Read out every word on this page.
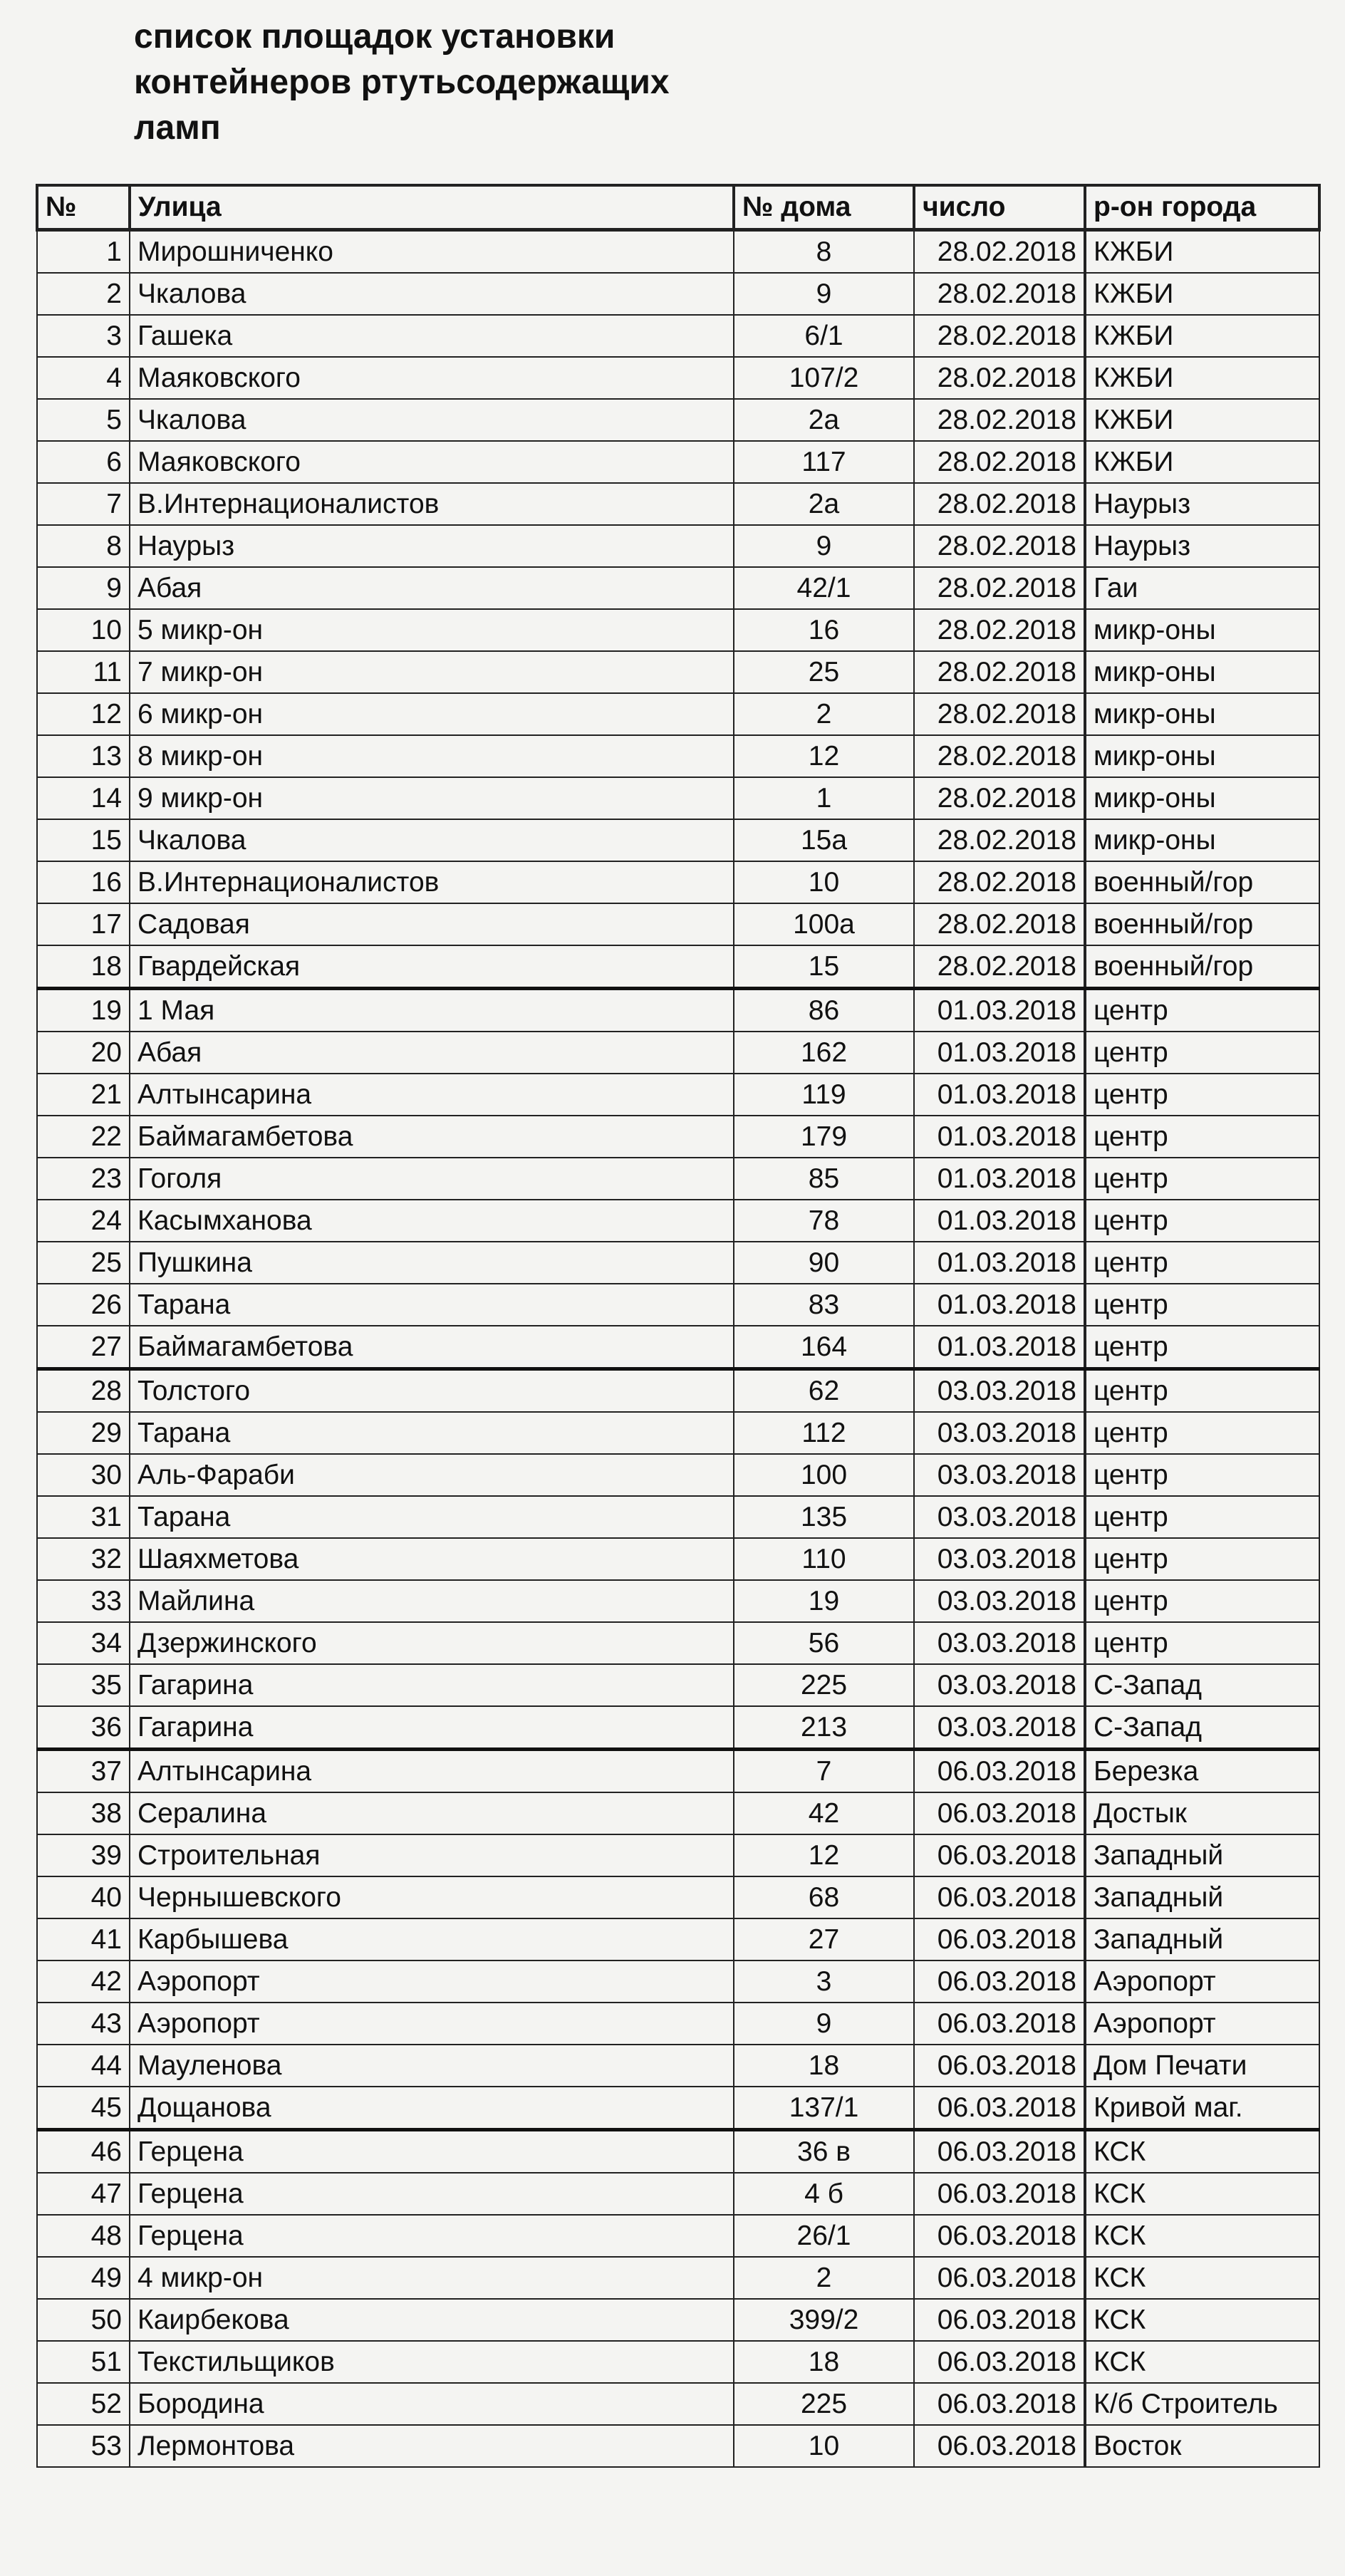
список площадок установки
контейнеров ртутьсодержащих
ламп
№	Улица	№ дома	число	р-он города
1	Мирошниченко	8	28.02.2018	КЖБИ
2	Чкалова	9	28.02.2018	КЖБИ
3	Гашека	6/1	28.02.2018	КЖБИ
4	Маяковского	107/2	28.02.2018	КЖБИ
5	Чкалова	2а	28.02.2018	КЖБИ
6	Маяковского	117	28.02.2018	КЖБИ
7	В.Интернационалистов	2а	28.02.2018	Наурыз
8	Наурыз	9	28.02.2018	Наурыз
9	Абая	42/1	28.02.2018	Гаи
10	5 микр-он	16	28.02.2018	микр-оны
11	7 микр-он	25	28.02.2018	микр-оны
12	6 микр-он	2	28.02.2018	микр-оны
13	8 микр-он	12	28.02.2018	микр-оны
14	9 микр-он	1	28.02.2018	микр-оны
15	Чкалова	15а	28.02.2018	микр-оны
16	В.Интернационалистов	10	28.02.2018	военный/гор
17	Садовая	100а	28.02.2018	военный/гор
18	Гвардейская	15	28.02.2018	военный/гор
19	1 Мая	86	01.03.2018	центр
20	Абая	162	01.03.2018	центр
21	Алтынсарина	119	01.03.2018	центр
22	Баймагамбетова	179	01.03.2018	центр
23	Гоголя	85	01.03.2018	центр
24	Касымханова	78	01.03.2018	центр
25	Пушкина	90	01.03.2018	центр
26	Тарана	83	01.03.2018	центр
27	Баймагамбетова	164	01.03.2018	центр
28	Толстого	62	03.03.2018	центр
29	Тарана	112	03.03.2018	центр
30	Аль-Фараби	100	03.03.2018	центр
31	Тарана	135	03.03.2018	центр
32	Шаяхметова	110	03.03.2018	центр
33	Майлина	19	03.03.2018	центр
34	Дзержинского	56	03.03.2018	центр
35	Гагарина	225	03.03.2018	С-Запад
36	Гагарина	213	03.03.2018	С-Запад
37	Алтынсарина	7	06.03.2018	Березка
38	Сералина	42	06.03.2018	Достык
39	Строительная	12	06.03.2018	Западный
40	Чернышевского	68	06.03.2018	Западный
41	Карбышева	27	06.03.2018	Западный
42	Аэропорт	3	06.03.2018	Аэропорт
43	Аэропорт	9	06.03.2018	Аэропорт
44	Мауленова	18	06.03.2018	Дом Печати
45	Дощанова	137/1	06.03.2018	Кривой маг.
46	Герцена	36 в	06.03.2018	КСК
47	Герцена	4 б	06.03.2018	КСК
48	Герцена	26/1	06.03.2018	КСК
49	4 микр-он	2	06.03.2018	КСК
50	Каирбекова	399/2	06.03.2018	КСК
51	Текстильщиков	18	06.03.2018	КСК
52	Бородина	225	06.03.2018	К/б Строитель
53	Лермонтова	10	06.03.2018	Восток
